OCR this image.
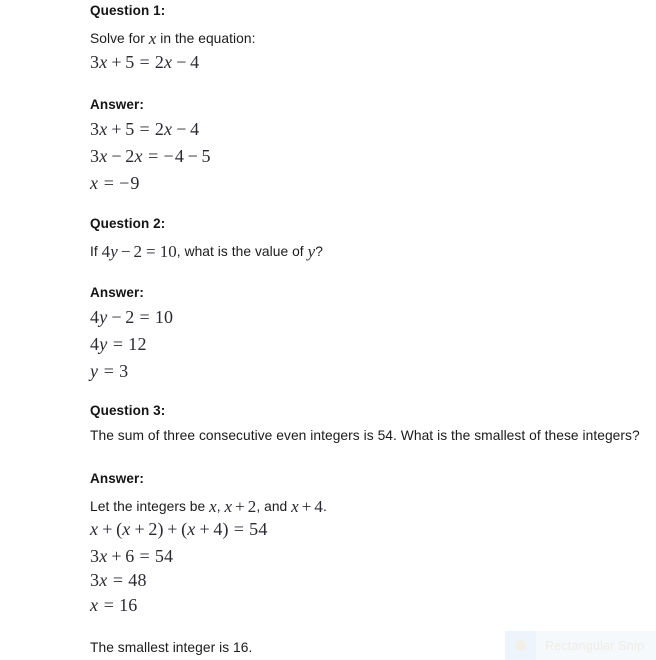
Question 1:
Solve for x in the equation:
3x + 5 = 2x − 4
Answer:
3x + 5 = 2x − 4
3x − 2x = −4 − 5
x = −9
Question 2:
If 4y − 2 = 10, what is the value of y?
Answer:
4y − 2 = 10
4y = 12
y = 3
Question 3:
The sum of three consecutive even integers is 54. What is the smallest of these integers?
Answer:
Let the integers be x, x + 2, and x + 4.
x + (x + 2) + (x + 4) = 54
3x + 6 = 54
3x = 48
x = 16
The smallest integer is 16.	Rectangular Snip
